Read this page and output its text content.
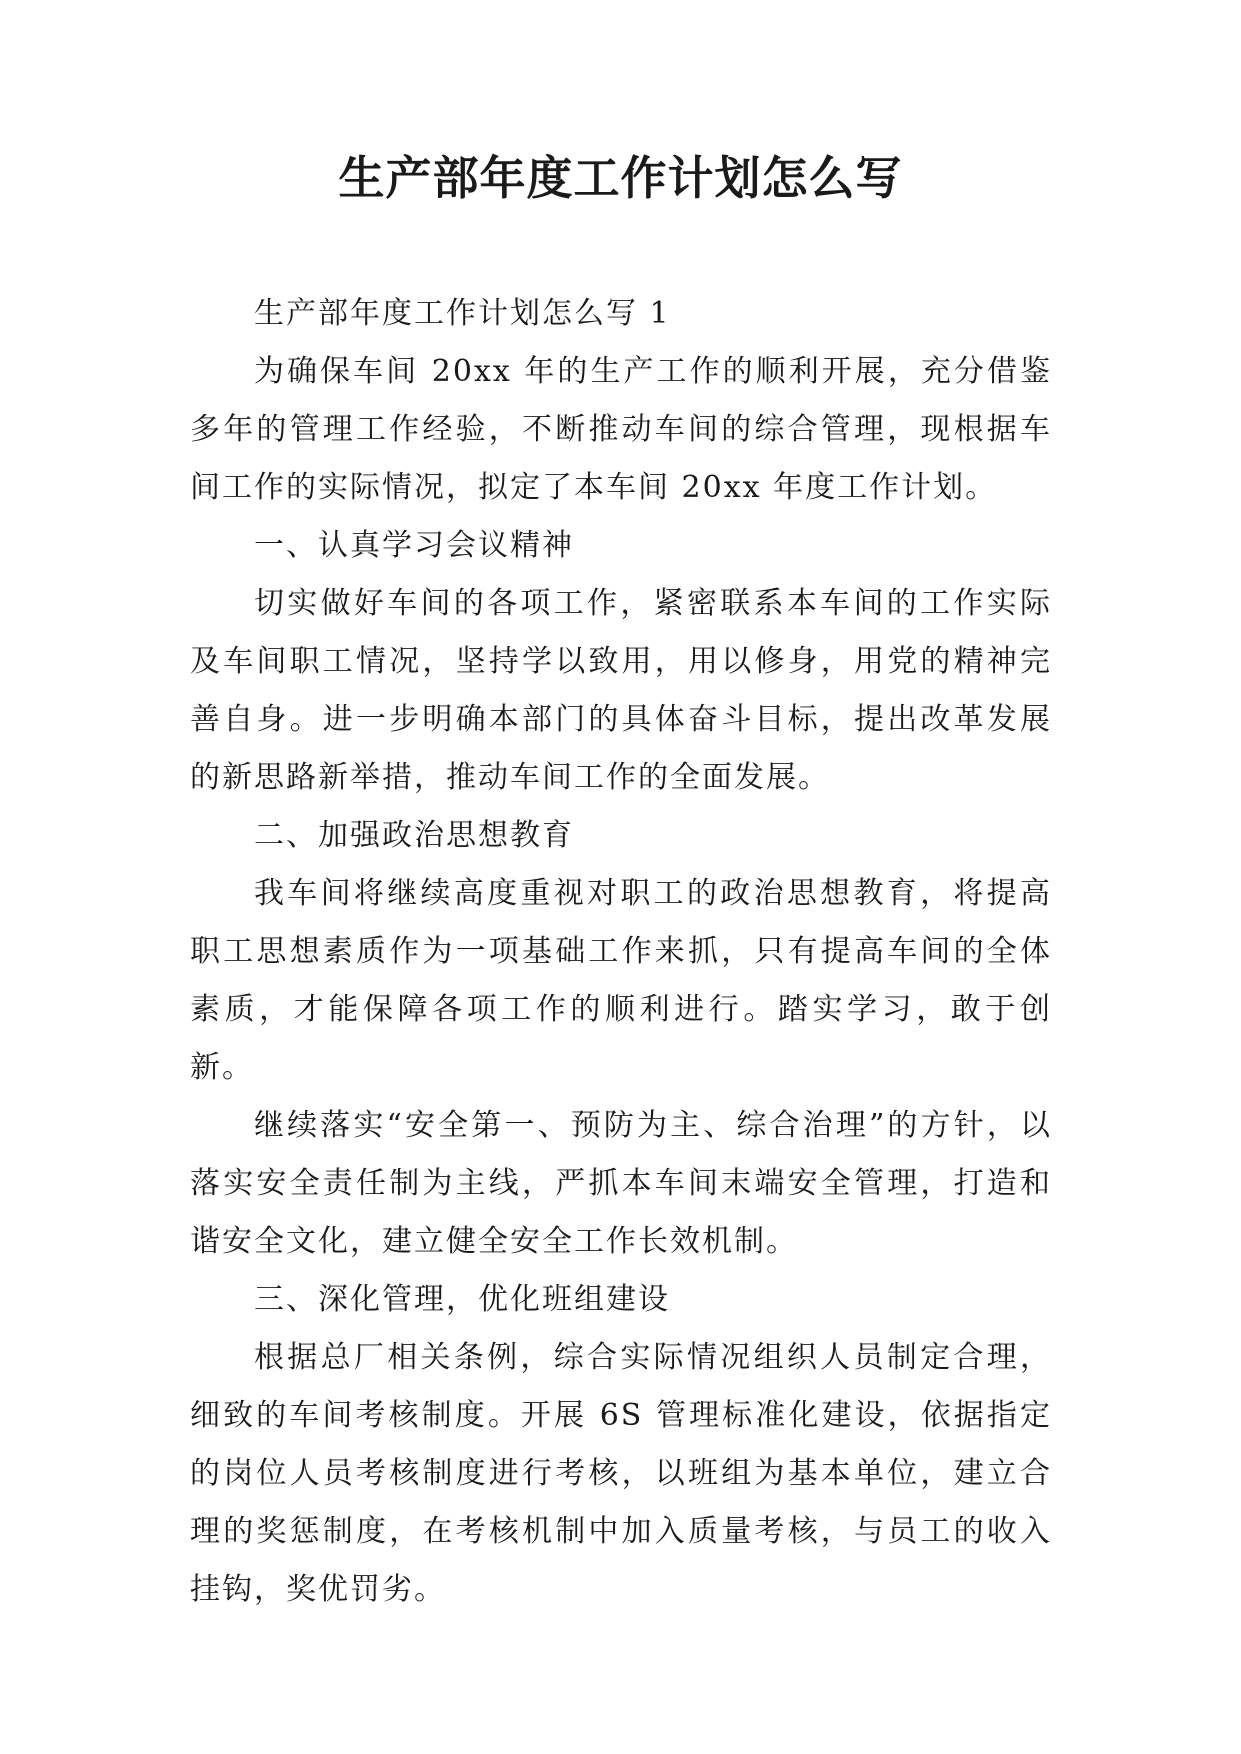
生产部年度工作计划怎么写

生产部年度工作计划怎么写 1

为确保车间 20xx 年的生产工作的顺利开展，充分借鉴多年的管理工作经验，不断推动车间的综合管理，现根据车间工作的实际情况，拟定了本车间 20xx 年度工作计划。

一、认真学习会议精神

切实做好车间的各项工作，紧密联系本车间的工作实际及车间职工情况，坚持学以致用，用以修身，用党的精神完善自身。进一步明确本部门的具体奋斗目标，提出改革发展的新思路新举措，推动车间工作的全面发展。

二、加强政治思想教育

我车间将继续高度重视对职工的政治思想教育，将提高职工思想素质作为一项基础工作来抓，只有提高车间的全体素质，才能保障各项工作的顺利进行。踏实学习，敢于创新。

继续落实“安全第一、预防为主、综合治理”的方针，以落实安全责任制为主线，严抓本车间末端安全管理，打造和谐安全文化，建立健全安全工作长效机制。

三、深化管理，优化班组建设

根据总厂相关条例，综合实际情况组织人员制定合理，细致的车间考核制度。开展 6S 管理标准化建设，依据指定的岗位人员考核制度进行考核，以班组为基本单位，建立合理的奖惩制度，在考核机制中加入质量考核，与员工的收入挂钩，奖优罚劣。
